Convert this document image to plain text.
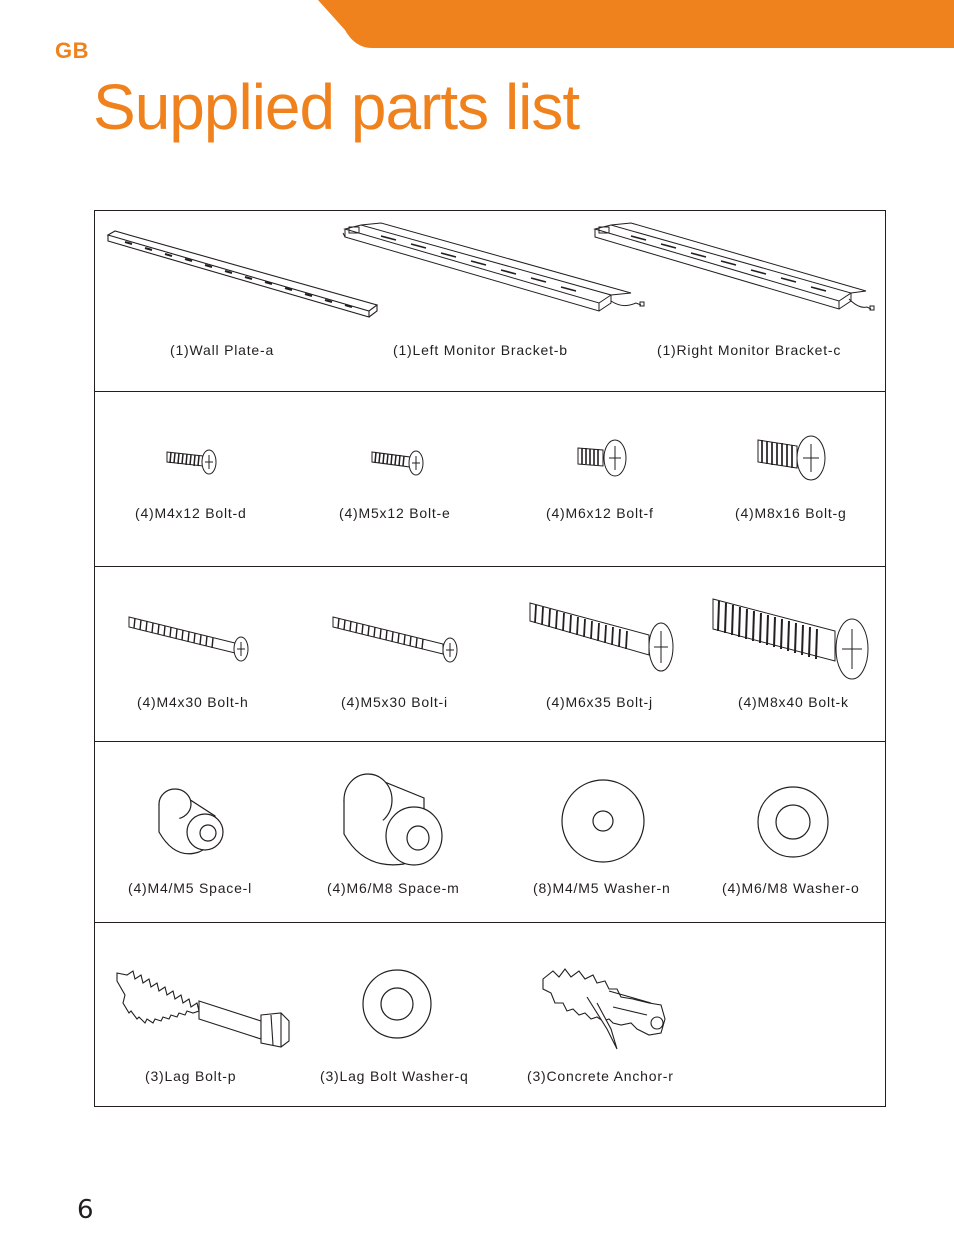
GB
Supplied parts list
(1)Wall Plate-a	(1)Left Monitor Bracket-b	(1)Right Monitor Bracket-c
(4)M4x12 Bolt-d	(4)M5x12 Bolt-e	(4)M6x12 Bolt-f	(4)M8x16 Bolt-g
(4)M4x30 Bolt-h	(4)M5x30 Bolt-i	(4)M6x35 Bolt-j	(4)M8x40 Bolt-k
(4)M4/M5 Space-l	(4)M6/M8 Space-m	(8)M4/M5 Washer-n	(4)M6/M8 Washer-o
(3)Lag Bolt-p	(3)Lag Bolt Washer-q	(3)Concrete Anchor-r
6
